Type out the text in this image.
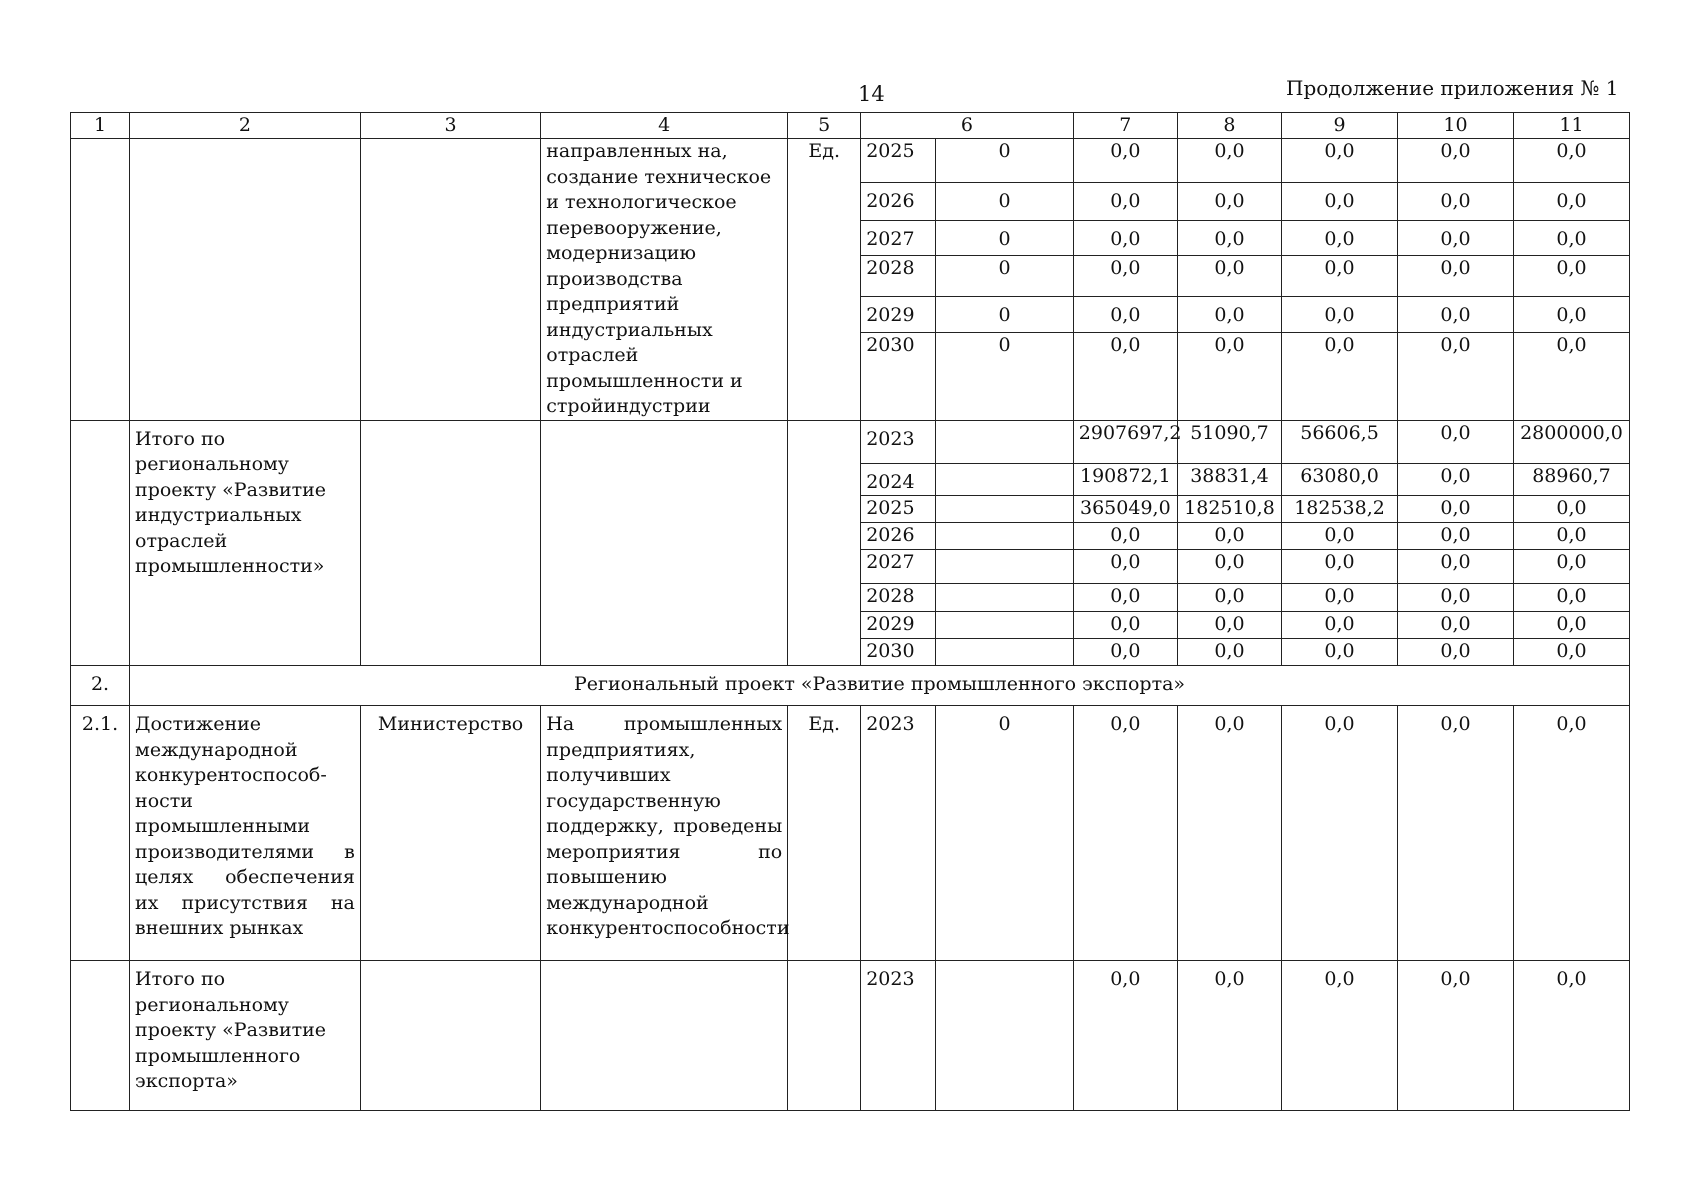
14	Продолжение приложения № 1
1	2	3	4	5	6		7	8	9	10	11
			направленных на, создание техническое и технологическое перевооружение, модернизацию производства предприятий индустриальных отраслей промышленности и стройиндустрии	Ед.	2025	0	0,0	0,0	0,0	0,0	0,0
					2026	0	0,0	0,0	0,0	0,0	0,0
					2027	0	0,0	0,0	0,0	0,0	0,0
					2028	0	0,0	0,0	0,0	0,0	0,0
					2029	0	0,0	0,0	0,0	0,0	0,0
					2030	0	0,0	0,0	0,0	0,0	0,0
	Итого по региональному проекту «Развитие индустриальных отраслей промышленности»				2023		2907697,2	51090,7	56606,5	0,0	2800000,0
					2024		190872,1	38831,4	63080,0	0,0	88960,7
					2025		365049,0	182510,8	182538,2	0,0	0,0
					2026		0,0	0,0	0,0	0,0	0,0
					2027		0,0	0,0	0,0	0,0	0,0
					2028		0,0	0,0	0,0	0,0	0,0
					2029		0,0	0,0	0,0	0,0	0,0
					2030		0,0	0,0	0,0	0,0	0,0
2.	Региональный проект «Развитие промышленного экспорта»										
2.1.	Достижение международной конкурентоспособ-ности промышленными производителями в целях обеспечения их присутствия на внешних рынках	Министерство	На промышленных предприятиях, получивших государственную поддержку, проведены мероприятия по повышению международной конкурентоспособности	Ед.	2023	0	0,0	0,0	0,0	0,0	0,0
	Итого по региональному проекту «Развитие промышленного экспорта»				2023		0,0	0,0	0,0	0,0	0,0
